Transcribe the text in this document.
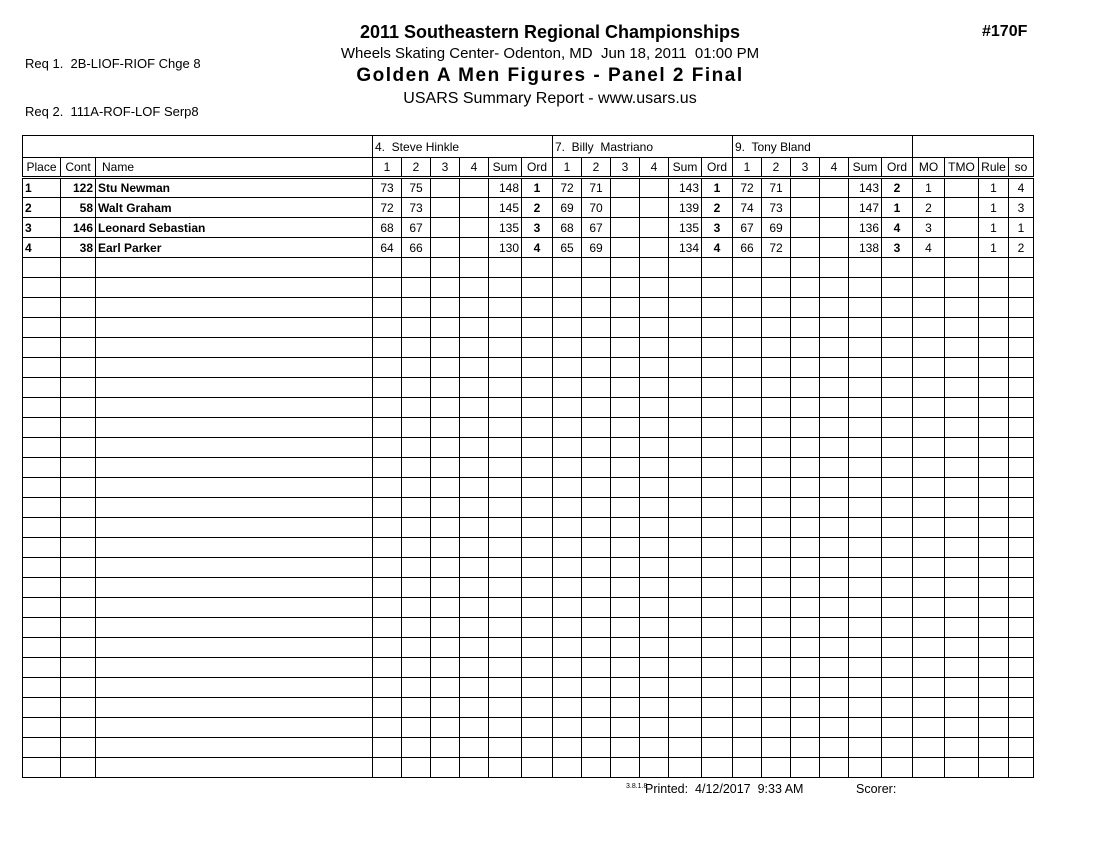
Req 1.  2B-LIOF-RIOF Chge 8

Req 2.  111A-ROF-LOF Serp8

#170F
2011 Southeastern Regional Championships
Wheels Skating Center- Odenton, MD  Jun 18, 2011  01:00 PM
Golden A Men Figures - Panel 2 Final
USARS Summary Report - www.usars.us
			4.  Steve Hinkle						7.  Billy  Mastriano						9.  Tony Bland									
Place	Cont	Name	1	2	3	4	Sum	Ord	1	2	3	4	Sum	Ord	1	2	3	4	Sum	Ord	MO	TMO	Rule	so
1	122	Stu Newman	73	75			148	1	72	71			143	1	72	71			143	2	1		1	4
2	58	Walt Graham	72	73			145	2	69	70			139	2	74	73			147	1	2		1	3
3	146	Leonard Sebastian	68	67			135	3	68	67			135	3	67	69			136	4	3		1	1
4	38	Earl Parker	64	66			130	4	65	69			134	4	66	72			138	3	4		1	2

3.8.1.8
Printed:  4/12/2017  9:33 AM	Scorer:
